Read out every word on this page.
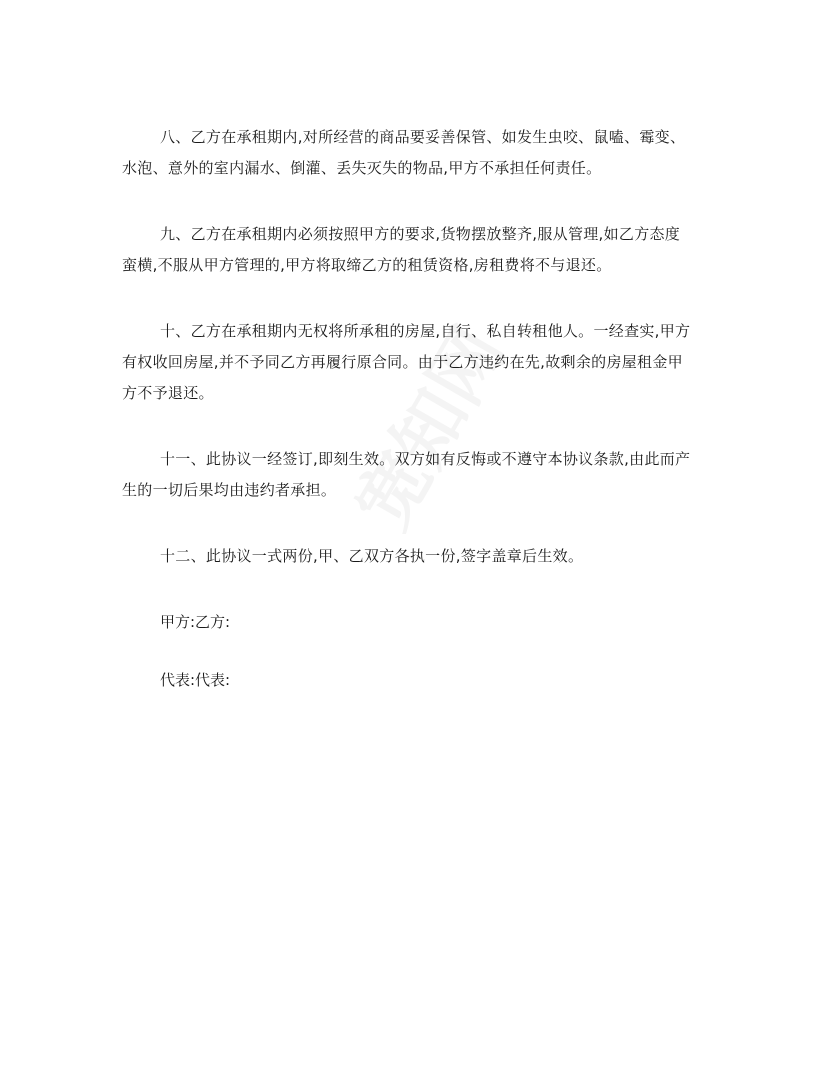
八、乙方在承租期内,对所经营的商品要妥善保管、如发生虫咬、鼠嗑、霉变、水泡、意外的室内漏水、倒灌、丢失灭失的物品,甲方不承担任何责任。

九、乙方在承租期内必须按照甲方的要求,货物摆放整齐,服从管理,如乙方态度蛮横,不服从甲方管理的,甲方将取缔乙方的租赁资格,房租费将不与退还。

十、乙方在承租期内无权将所承租的房屋,自行、私自转租他人。一经查实,甲方有权收回房屋,并不予同乙方再履行原合同。由于乙方违约在先,故剩余的房屋租金甲方不予退还。

十一、此协议一经签订,即刻生效。双方如有反悔或不遵守本协议条款,由此而产生的一切后果均由违约者承担。

十二、此协议一式两份,甲、乙双方各执一份,签字盖章后生效。

甲方:乙方:

代表:代表:
